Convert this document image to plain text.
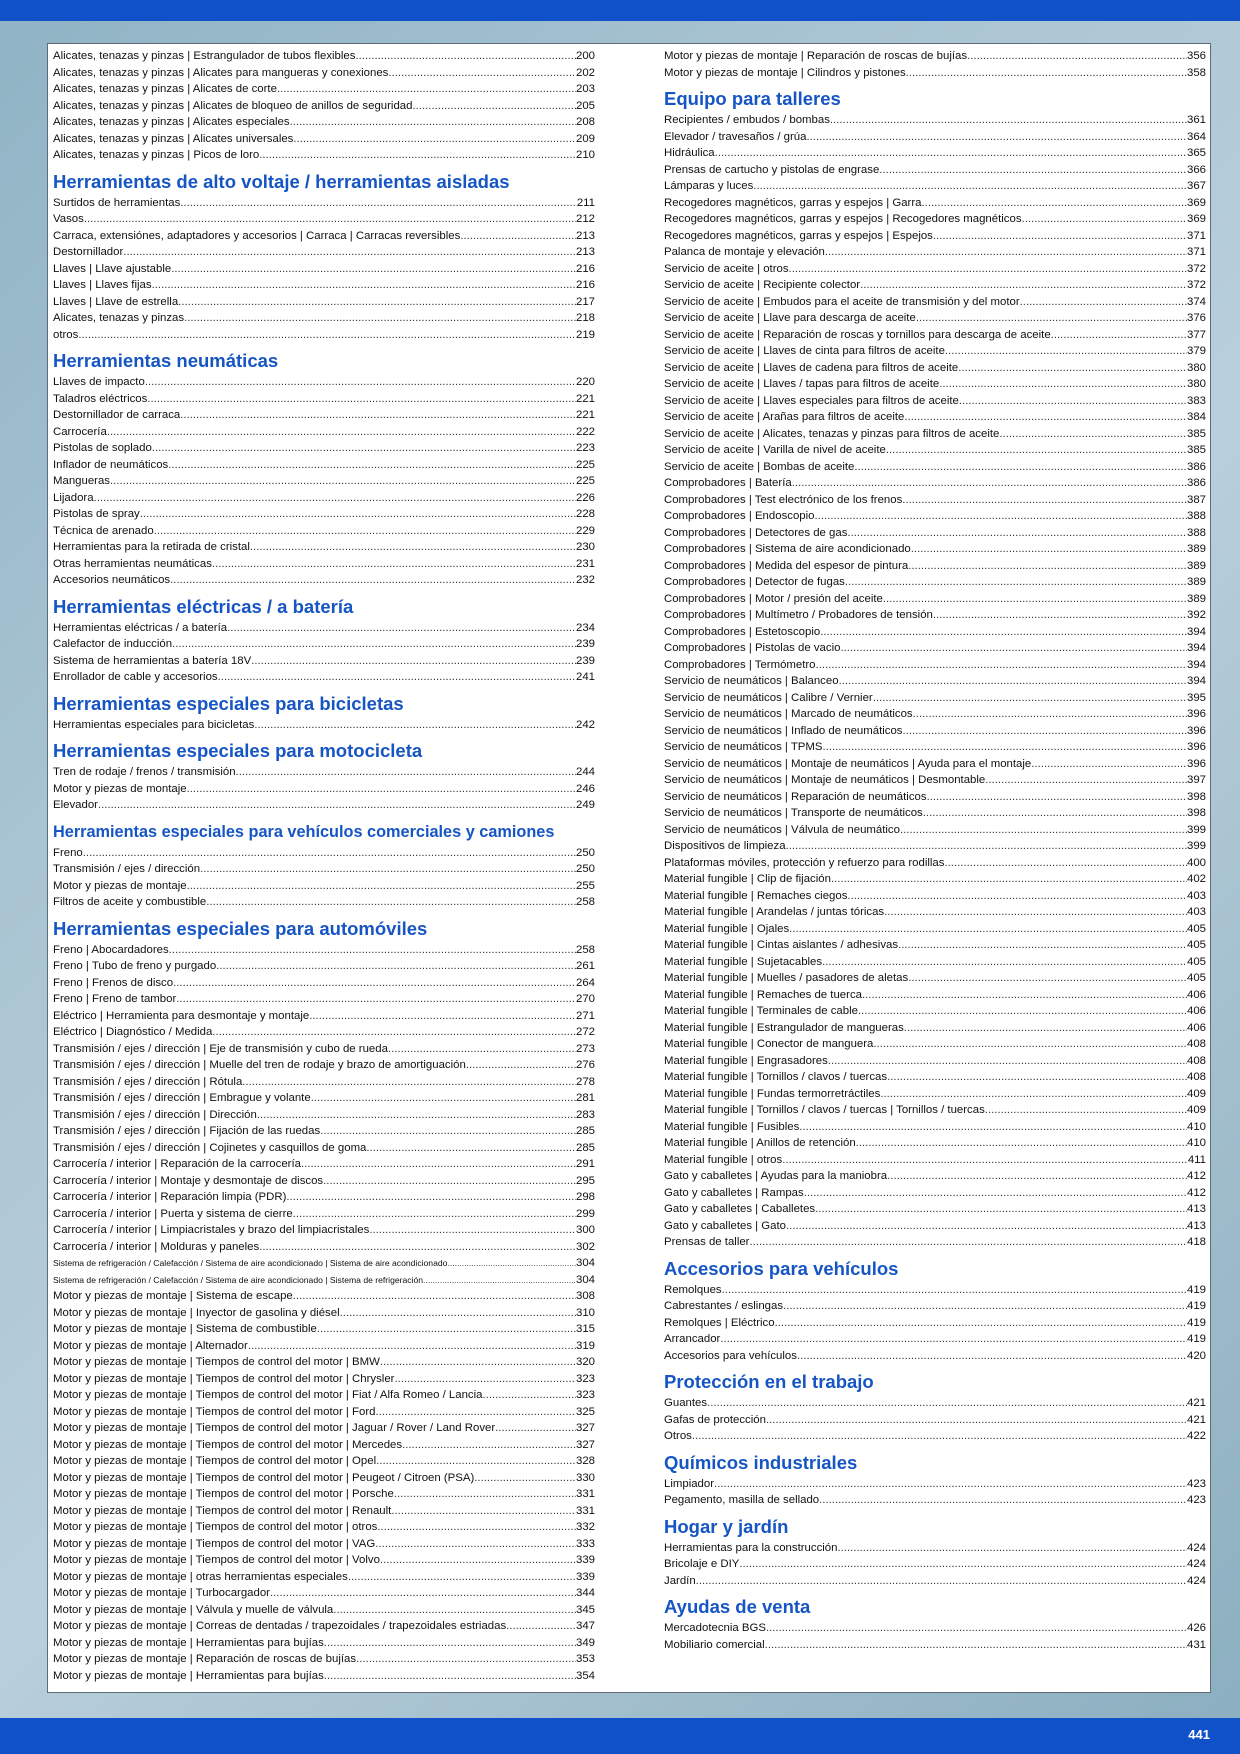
Alicates, tenazas y pinzas | Estrangulador de tubos flexibles .....	200
Alicates, tenazas y pinzas | Alicates para mangueras y conexiones .....	202
Alicates, tenazas y pinzas | Alicates de corte .....	203
Alicates, tenazas y pinzas | Alicates de bloqueo de anillos de seguridad .....	205
Alicates, tenazas y pinzas | Alicates especiales .....	208
Alicates, tenazas y pinzas | Alicates universales .....	209
Alicates, tenazas y pinzas | Picos de loro .....	210
Herramientas de alto voltaje / herramientas aisladas
Surtidos de herramientas .....	211
Vasos .....	212
Carraca, extensiónes, adaptadores y accesorios | Carraca | Carracas reversibles .....	213
Destornillador .....	213
Llaves | Llave ajustable .....	216
Llaves | Llaves fijas .....	216
Llaves | Llave de estrella .....	217
Alicates, tenazas y pinzas .....	218
otros .....	219
Herramientas neumáticas
Llaves de impacto .....	220
Taladros eléctricos .....	221
Destornillador de carraca .....	221
Carrocería .....	222
Pistolas de soplado .....	223
Inflador de neumáticos .....	225
Mangueras .....	225
Lijadora .....	226
Pistolas de spray .....	228
Técnica de arenado .....	229
Herramientas para la retirada de cristal .....	230
Otras herramientas neumáticas .....	231
Accesorios neumáticos .....	232
Herramientas eléctricas / a batería
Herramientas eléctricas / a batería .....	234
Calefactor de inducción .....	239
Sistema de herramientas a batería 18V .....	239
Enrollador de cable y accesorios .....	241
Herramientas especiales para bicicletas
Herramientas especiales para bicicletas .....	242
Herramientas especiales para motocicleta
Tren de rodaje / frenos / transmisión .....	244
Motor y piezas de montaje .....	246
Elevador .....	249
Herramientas especiales para vehículos comerciales y camiones
Freno .....	250
Transmisión / ejes / dirección .....	250
Motor y piezas de montaje .....	255
Filtros de aceite y combustible .....	258
Herramientas especiales para automóviles
Freno | Abocardadores .....	258
Freno | Tubo de freno y purgado .....	261
Freno | Frenos de disco .....	264
Freno | Freno de tambor .....	270
Eléctrico | Herramienta para desmontaje y montaje .....	271
Eléctrico | Diagnóstico / Medida .....	272
Transmisión / ejes / dirección | Eje de transmisión y cubo de rueda .....	273
Transmisión / ejes / dirección | Muelle del tren de rodaje y brazo de amortiguación .....	276
Transmisión / ejes / dirección | Rótula .....	278
Transmisión / ejes / dirección | Embrague y volante .....	281
Transmisión / ejes / dirección | Dirección .....	283
Transmisión / ejes / dirección | Fijación de las ruedas .....	285
Transmisión / ejes / dirección | Cojinetes y casquillos de goma .....	285
Carrocería / interior | Reparación de la carrocería .....	291
Carrocería / interior | Montaje y desmontaje de discos .....	295
Carrocería / interior | Reparación limpia (PDR) .....	298
Carrocería / interior | Puerta y sistema de cierre .....	299
Carrocería / interior | Limpiacristales y brazo del limpiacristales .....	300
Carrocería / interior | Molduras y paneles .....	302
Sistema de refrigeración / Calefacción / Sistema de aire acondicionado | Sistema de aire acondicionado .....	304
Sistema de refrigeración / Calefacción / Sistema de aire acondicionado | Sistema de refrigeración .....	304
Motor y piezas de montaje | Sistema de escape .....	308
Motor y piezas de montaje | Inyector de gasolina y diésel .....	310
Motor y piezas de montaje | Sistema de combustible .....	315
Motor y piezas de montaje | Alternador .....	319
Motor y piezas de montaje | Tiempos de control del motor | BMW .....	320
Motor y piezas de montaje | Tiempos de control del motor | Chrysler .....	323
Motor y piezas de montaje | Tiempos de control del motor | Fiat / Alfa Romeo / Lancia .....	323
Motor y piezas de montaje | Tiempos de control del motor | Ford .....	325
Motor y piezas de montaje | Tiempos de control del motor | Jaguar / Rover / Land Rover .....	327
Motor y piezas de montaje | Tiempos de control del motor | Mercedes .....	327
Motor y piezas de montaje | Tiempos de control del motor | Opel .....	328
Motor y piezas de montaje | Tiempos de control del motor | Peugeot / Citroen (PSA) .....	330
Motor y piezas de montaje | Tiempos de control del motor | Porsche .....	331
Motor y piezas de montaje | Tiempos de control del motor | Renault .....	331
Motor y piezas de montaje | Tiempos de control del motor | otros .....	332
Motor y piezas de montaje | Tiempos de control del motor | VAG .....	333
Motor y piezas de montaje | Tiempos de control del motor | Volvo .....	339
Motor y piezas de montaje | otras herramientas especiales .....	339
Motor y piezas de montaje | Turbocargador .....	344
Motor y piezas de montaje | Válvula y muelle de válvula .....	345
Motor y piezas de montaje | Correas de dentadas / trapezoidales / trapezoidales estriadas .....	347
Motor y piezas de montaje | Herramientas para bujías .....	349
Motor y piezas de montaje | Reparación de roscas de bujías .....	353
Motor y piezas de montaje | Herramientas para bujías .....	354
Motor y piezas de montaje | Reparación de roscas de bujías .....	356
Motor y piezas de montaje | Cilindros y pistones .....	358
Equipo para talleres
Recipientes / embudos / bombas .....	361
Elevador / travesaños / grúa .....	364
Hidráulica .....	365
Prensas de cartucho y pistolas de engrase .....	366
Lámparas y luces .....	367
Recogedores magnéticos, garras y espejos | Garra .....	369
Recogedores magnéticos, garras y espejos | Recogedores magnéticos .....	369
Recogedores magnéticos, garras y espejos | Espejos .....	371
Palanca de montaje y elevación .....	371
Servicio de aceite | otros .....	372
Servicio de aceite | Recipiente colector .....	372
Servicio de aceite | Embudos para el aceite de transmisión y del motor .....	374
Servicio de aceite | Llave para descarga de aceite .....	376
Servicio de aceite | Reparación de roscas y tornillos para descarga de aceite .....	377
Servicio de aceite | Llaves de cinta para filtros de aceite .....	379
Servicio de aceite | Llaves de cadena para filtros de aceite .....	380
Servicio de aceite | Llaves / tapas para filtros de aceite .....	380
Servicio de aceite | Llaves especiales para filtros de aceite .....	383
Servicio de aceite | Arañas para filtros de aceite .....	384
Servicio de aceite | Alicates, tenazas y pinzas para filtros de aceite .....	385
Servicio de aceite | Varilla de nivel de aceite .....	385
Servicio de aceite | Bombas de aceite .....	386
Comprobadores | Batería .....	386
Comprobadores | Test electrónico de los frenos .....	387
Comprobadores | Endoscopio .....	388
Comprobadores | Detectores de gas .....	388
Comprobadores | Sistema de aire acondicionado .....	389
Comprobadores | Medida del espesor de pintura .....	389
Comprobadores | Detector de fugas .....	389
Comprobadores | Motor / presión del aceite .....	389
Comprobadores | Multímetro / Probadores de tensión .....	392
Comprobadores | Estetoscopio .....	394
Comprobadores | Pistolas de vacio .....	394
Comprobadores | Termómetro .....	394
Servicio de neumáticos | Balanceo .....	394
Servicio de neumáticos | Calibre / Vernier .....	395
Servicio de neumáticos | Marcado de neumáticos .....	396
Servicio de neumáticos | Inflado de neumáticos .....	396
Servicio de neumáticos | TPMS .....	396
Servicio de neumáticos | Montaje de neumáticos | Ayuda para el montaje .....	396
Servicio de neumáticos | Montaje de neumáticos | Desmontable .....	397
Servicio de neumáticos | Reparación de neumáticos .....	398
Servicio de neumáticos | Transporte de neumáticos .....	398
Servicio de neumáticos | Válvula de neumático .....	399
Dispositivos de limpieza .....	399
Plataformas móviles, protección y refuerzo para rodillas .....	400
Material fungible | Clip de fijación .....	402
Material fungible | Remaches ciegos .....	403
Material fungible | Arandelas / juntas tóricas .....	403
Material fungible | Ojales .....	405
Material fungible | Cintas aislantes / adhesivas .....	405
Material fungible | Sujetacables .....	405
Material fungible | Muelles / pasadores de aletas .....	405
Material fungible | Remaches de tuerca .....	406
Material fungible | Terminales de cable .....	406
Material fungible | Estrangulador de mangueras .....	406
Material fungible | Conector de manguera .....	408
Material fungible | Engrasadores .....	408
Material fungible | Tornillos / clavos / tuercas .....	408
Material fungible | Fundas termorretráctiles .....	409
Material fungible | Tornillos / clavos / tuercas | Tornillos / tuercas .....	409
Material fungible | Fusibles .....	410
Material fungible | Anillos de retención .....	410
Material fungible | otros .....	411
Gato y caballetes | Ayudas para la maniobra .....	412
Gato y caballetes | Rampas .....	412
Gato y caballetes | Caballetes .....	413
Gato y caballetes | Gato .....	413
Prensas de taller .....	418
Accesorios para vehículos
Remolques .....	419
Cabrestantes / eslingas .....	419
Remolques | Eléctrico .....	419
Arrancador .....	419
Accesorios para vehículos .....	420
Protección en el trabajo
Guantes .....	421
Gafas de protección .....	421
Otros .....	422
Químicos industriales
Limpiador .....	423
Pegamento, masilla de sellado .....	423
Hogar y jardín
Herramientas para la construcción .....	424
Bricolaje e DIY .....	424
Jardín .....	424
Ayudas de venta
Mercadotecnia BGS .....	426
Mobiliario comercial .....	431
441
